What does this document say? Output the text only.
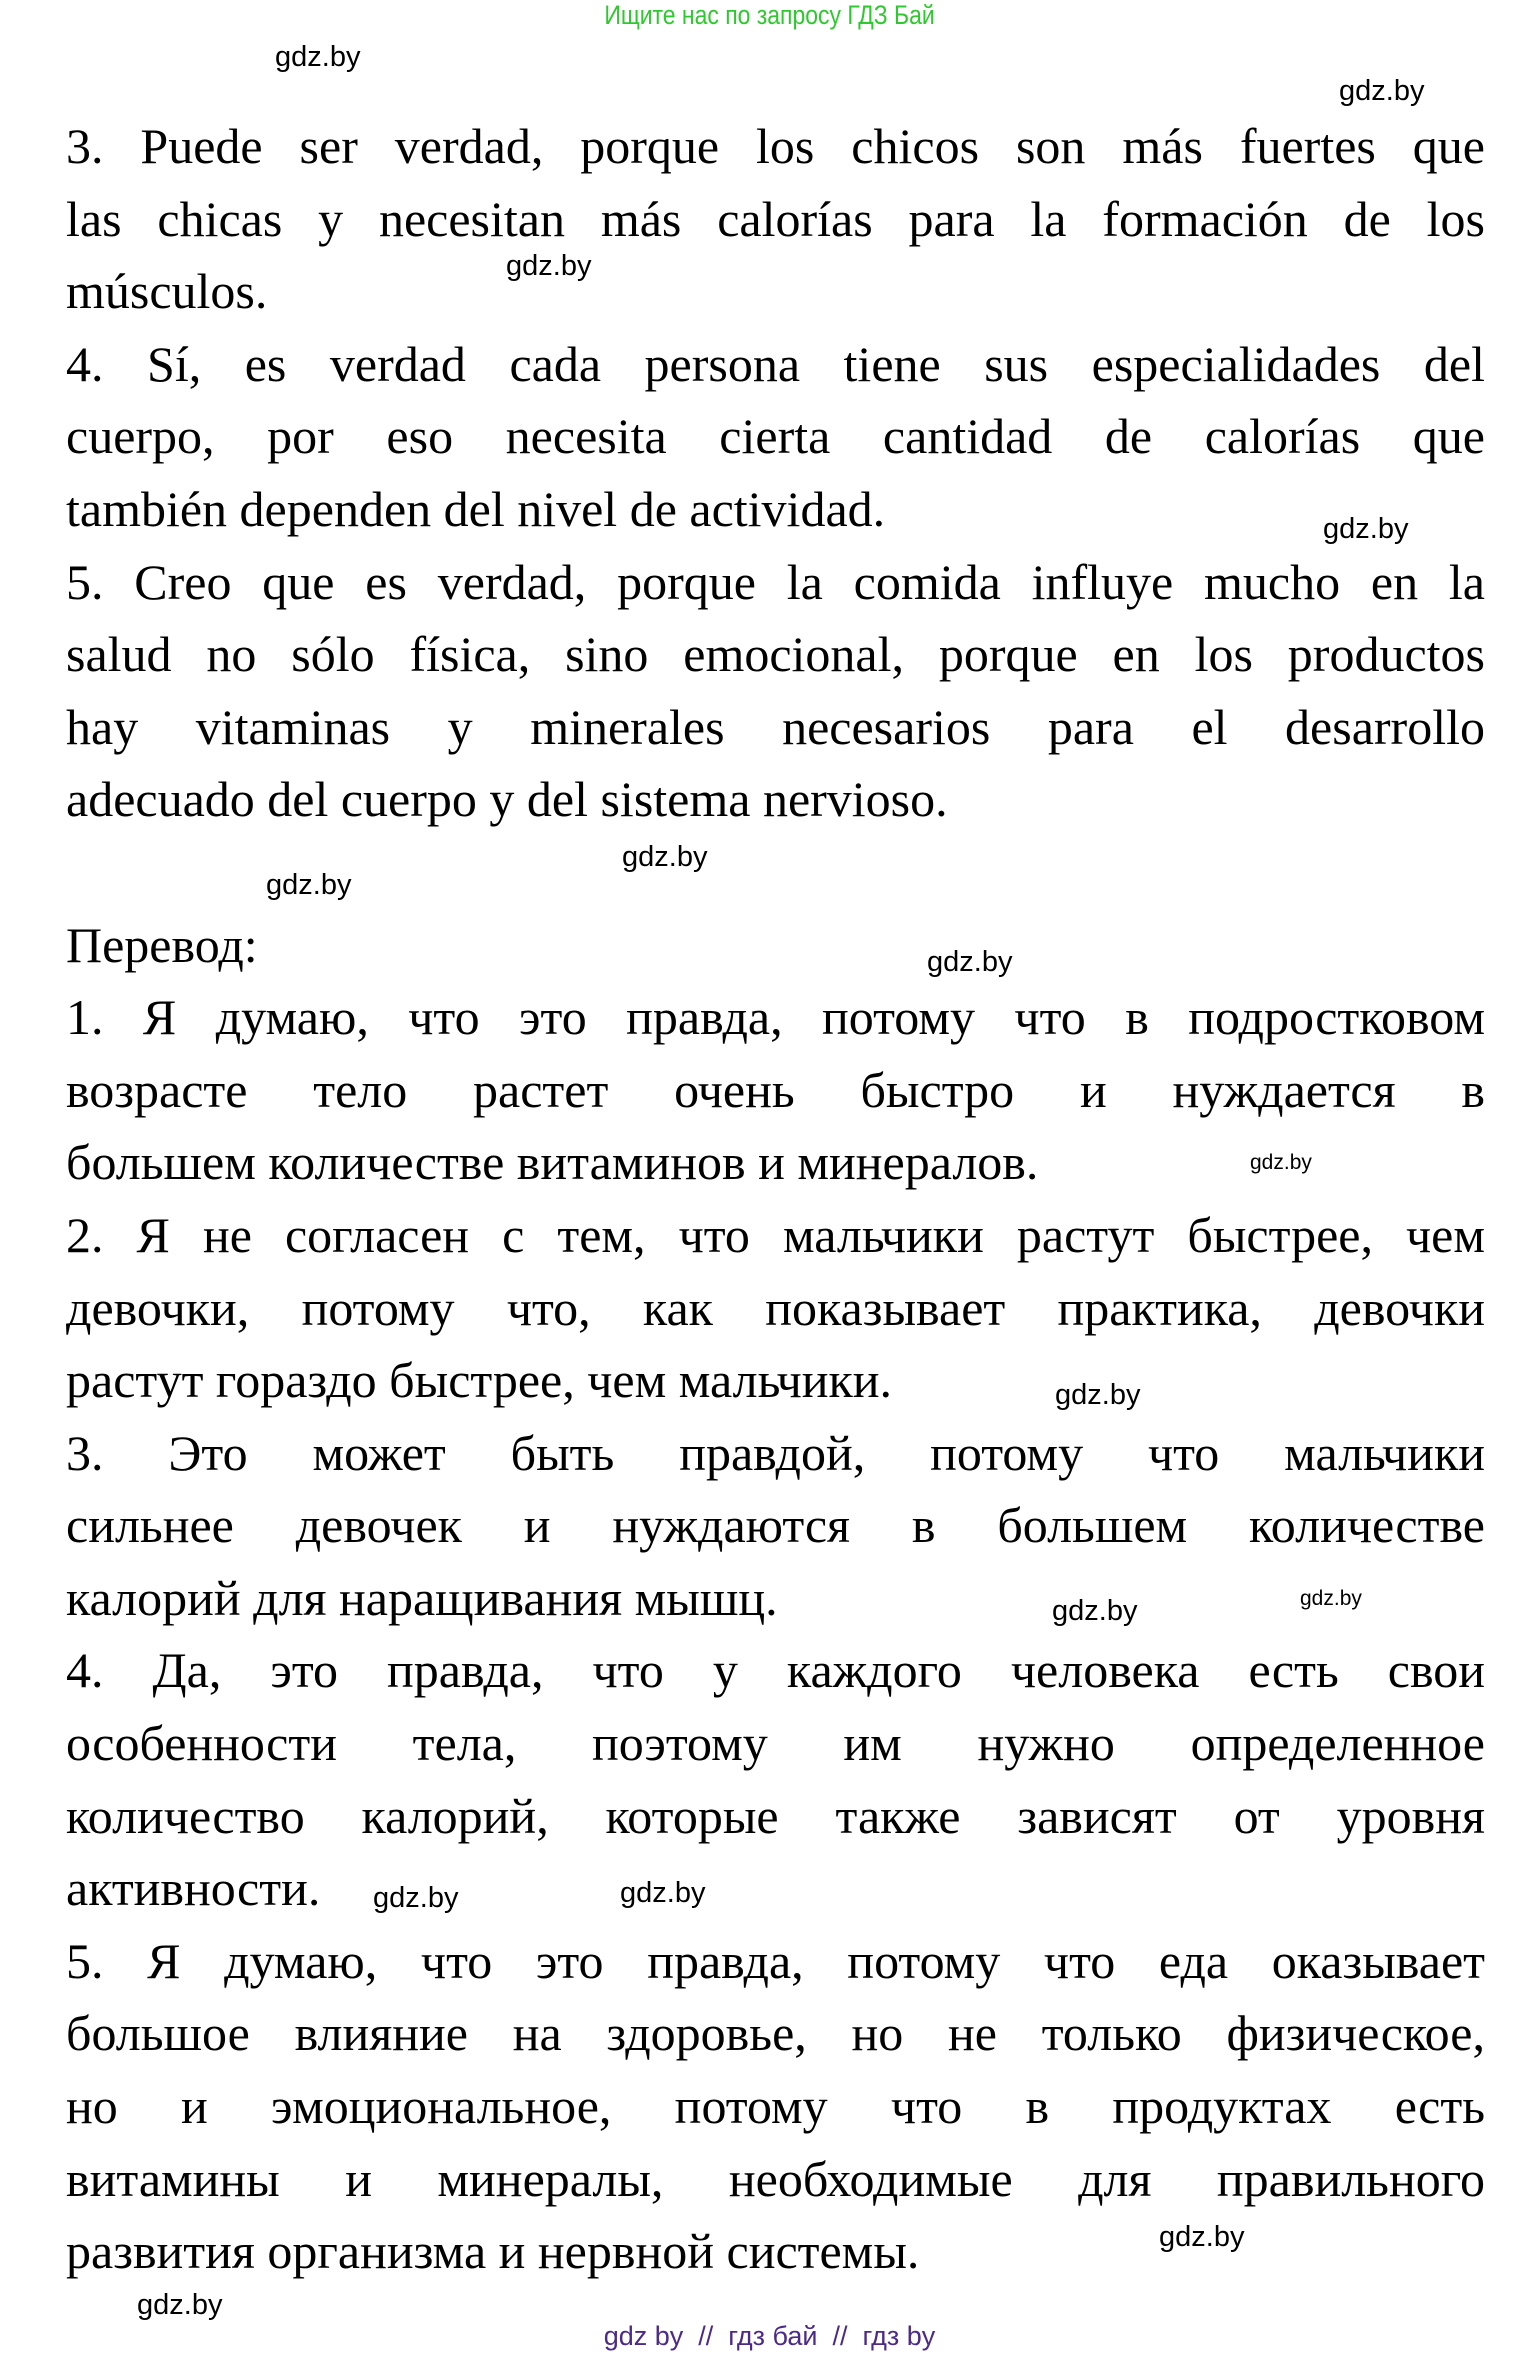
Ищите нас по запросу ГДЗ Бай
3. Puede ser verdad, porque los chicos son más fuertes que
las chicas y necesitan más calorías para la formación de los
músculos.
4. Sí, es verdad cada persona tiene sus especialidades del
cuerpo, por eso necesita cierta cantidad de calorías que
también dependen del nivel de actividad.
5. Creo que es verdad, porque la comida influye mucho en la
salud no sólo física, sino emocional, porque en los productos
hay vitaminas y minerales necesarios para el desarrollo
adecuado del cuerpo y del sistema nervioso.
Перевод:
1. Я думаю, что это правда, потому что в подростковом
возрасте тело растет очень быстро и нуждается в
большем количестве витаминов и минералов.
2. Я не согласен с тем, что мальчики растут быстрее, чем
девочки, потому что, как показывает практика, девочки
растут гораздо быстрее, чем мальчики.
3. Это может быть правдой, потому что мальчики
сильнее девочек и нуждаются в большем количестве
калорий для наращивания мышц.
4. Да, это правда, что у каждого человека есть свои
особенности тела, поэтому им нужно определенное
количество калорий, которые также зависят от уровня
активности.
5. Я думаю, что это правда, потому что еда оказывает
большое влияние на здоровье, но не только физическое,
но и эмоциональное, потому что в продуктах есть
витамины и минералы, необходимые для правильного
развития организма и нервной системы.
gdz.by
gdz.by
gdz.by
gdz.by
gdz.by
gdz.by
gdz.by
gdz.by
gdz.by
gdz.by
gdz.by
gdz.by
gdz.by
gdz.by
gdz.by
gdz by  //  гдз бай  //  гдз by
